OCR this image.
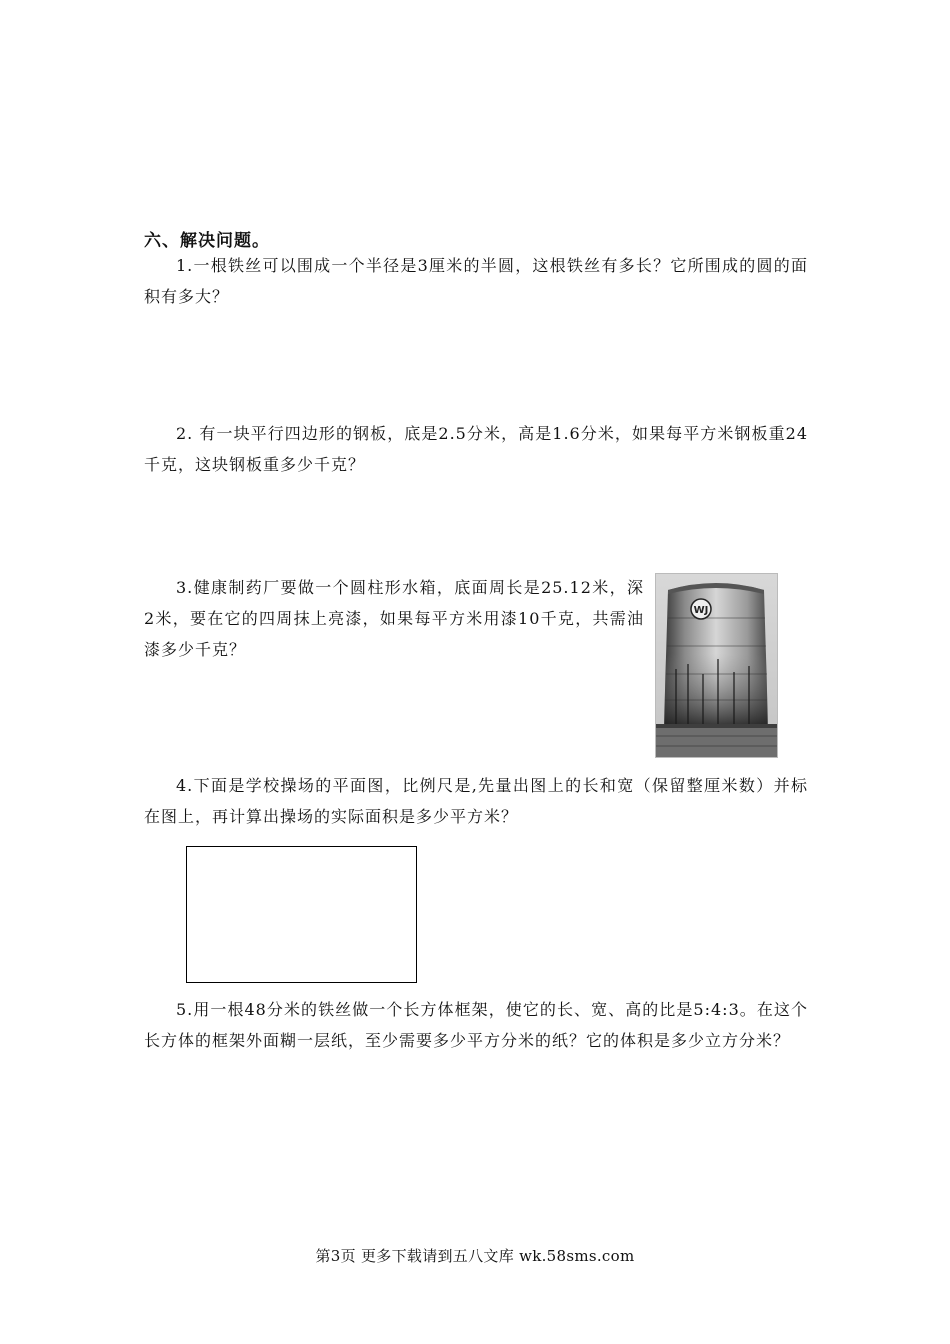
六、解决问题。

1.一根铁丝可以围成一个半径是3厘米的半圆，这根铁丝有多长？它所围成的圆的面积有多大？

2. 有一块平行四边形的钢板，底是2.5分米，高是1.6分米，如果每平方米钢板重24千克，这块钢板重多少千克？

3.健康制药厂要做一个圆柱形水箱，底面周长是25.12米，深2米，要在它的四周抹上亮漆，如果每平方米用漆10千克，共需油漆多少千克？

WJ

4.下面是学校操场的平面图，比例尺是,先量出图上的长和宽（保留整厘米数）并标在图上，再计算出操场的实际面积是多少平方米？

5.用一根48分米的铁丝做一个长方体框架，使它的长、宽、高的比是5:4:3。在这个长方体的框架外面糊一层纸，至少需要多少平方分米的纸？它的体积是多少立方分米？

第3页 更多下载请到五八文库 wk.58sms.com
